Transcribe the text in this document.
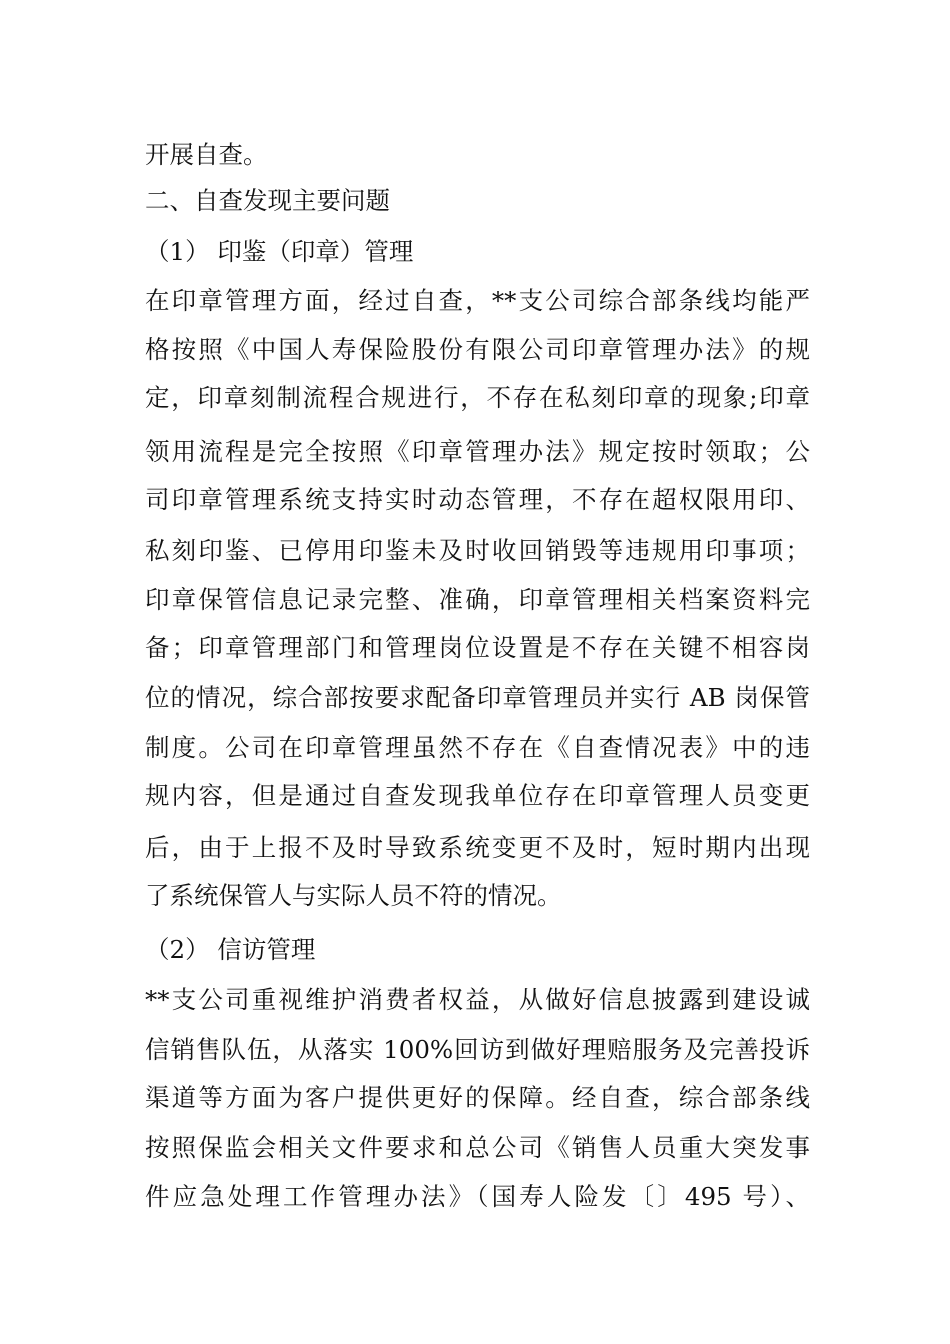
开展自查。
二、自查发现主要问题
（1） 印鉴（印章）管理
在印章管理方面，经过自查，**支公司综合部条线均能严
格按照《中国人寿保险股份有限公司印章管理办法》的规
定，印章刻制流程合规进行，不存在私刻印章的现象;印章
领用流程是完全按照《印章管理办法》规定按时领取；公
司印章管理系统支持实时动态管理，不存在超权限用印、
私刻印鉴、已停用印鉴未及时收回销毁等违规用印事项；
印章保管信息记录完整、准确，印章管理相关档案资料完
备；印章管理部门和管理岗位设置是不存在关键不相容岗
位的情况，综合部按要求配备印章管理员并实行 AB 岗保管
制度。公司在印章管理虽然不存在《自查情况表》中的违
规内容，但是通过自查发现我单位存在印章管理人员变更
后，由于上报不及时导致系统变更不及时，短时期内出现
了系统保管人与实际人员不符的情况。
（2） 信访管理
**支公司重视维护消费者权益，从做好信息披露到建设诚
信销售队伍，从落实 100%回访到做好理赔服务及完善投诉
渠道等方面为客户提供更好的保障。经自查，综合部条线
按照保监会相关文件要求和总公司《销售人员重大突发事
件应急处理工作管理办法》（国寿人险发〔〕495 号）、
